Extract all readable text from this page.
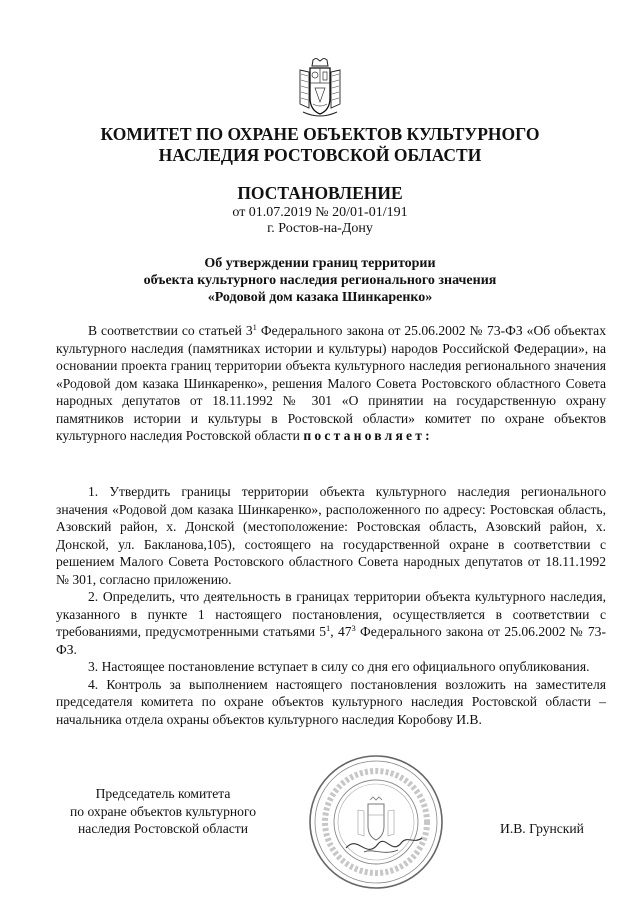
КОМИТЕТ ПО ОХРАНЕ ОБЪЕКТОВ КУЛЬТУРНОГО
НАСЛЕДИЯ РОСТОВСКОЙ ОБЛАСТИ
ПОСТАНОВЛЕНИЕ
от 01.07.2019 № 20/01-01/191
г. Ростов-на-Дону
Об утверждении границ территории
объекта культурного наследия регионального значения
«Родовой дом казака Шинкаренко»

В соответствии со статьей $3^1$ Федерального закона от 25.06.2002 № 73-ФЗ «Об объектах культурного наследия (памятниках истории и культуры) народов Российской Федерации», на основании проекта границ территории объекта культурного наследия регионального значения «Родовой дом казака Шинкаренко», решения Малого Совета Ростовского областного Совета народных депутатов от 18.11.1992 № 301 «О принятии на государственную охрану памятников истории и культуры в Ростовской области» комитет по охране объектов культурного наследия Ростовской области постановляет:

1. Утвердить границы территории объекта культурного наследия регионального значения «Родовой дом казака Шинкаренко», расположенного по адресу: Ростовская область, Азовский район, х. Донской (местоположение: Ростовская область, Азовский район, х. Донской, ул. Бакланова,105), состоящего на государственной охране в соответствии с решением Малого Совета Ростовского областного Совета народных депутатов от 18.11.1992 № 301, согласно приложению.

2. Определить, что деятельность в границах территории объекта культурного наследия, указанного в пункте 1 настоящего постановления, осуществляется в соответствии с требованиями, предусмотренными статьями $5^1$, $47^3$ Федерального закона от 25.06.2002 № 73-ФЗ.

3. Настоящее постановление вступает в силу со дня его официального опубликования.

4. Контроль за выполнением настоящего постановления возложить на заместителя председателя комитета по охране объектов культурного наследия Ростовской области – начальника отдела охраны объектов культурного наследия Коробову И.В.

Председатель комитета
по охране объектов культурного
наследия Ростовской области	И.В. Грунский
